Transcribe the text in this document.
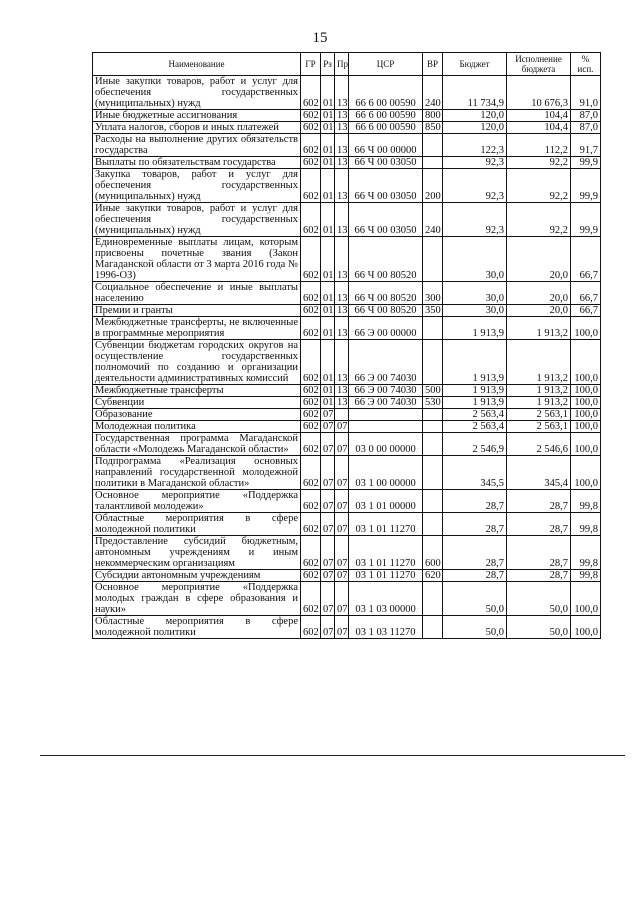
15
Наименование	ГР	Рз	Пр	ЦСР	ВР	Бюджет	Исполнение бюджета	% исп.
Иные закупки товаров, работ и услуг для обеспечения государственных (муниципальных) нужд	602	01	13	66 6 00 00590	240	11 734,9	10 676,3	91,0
Иные бюджетные ассигнования	602	01	13	66 6 00 00590	800	120,0	104,4	87,0
Уплата налогов, сборов и иных платежей	602	01	13	66 6 00 00590	850	120,0	104,4	87,0
Расходы на выполнение других обязательств государства	602	01	13	66 Ч 00 00000		122,3	112,2	91,7
Выплаты по обязательствам государства	602	01	13	66 Ч 00 03050		92,3	92,2	99,9
Закупка товаров, работ и услуг для обеспечения государственных (муниципальных) нужд	602	01	13	66 Ч 00 03050	200	92,3	92,2	99,9
Иные закупки товаров, работ и услуг для обеспечения государственных (муниципальных) нужд	602	01	13	66 Ч 00 03050	240	92,3	92,2	99,9
Единовременные выплаты лицам, которым присвоены почетные звания (Закон Магаданской области от 3 марта 2016 года № 1996-ОЗ)	602	01	13	66 Ч 00 80520		30,0	20,0	66,7
Социальное обеспечение и иные выплаты населению	602	01	13	66 Ч 00 80520	300	30,0	20,0	66,7
Премии и гранты	602	01	13	66 Ч 00 80520	350	30,0	20,0	66,7
Межбюджетные трансферты, не включенные в программные мероприятия	602	01	13	66 Э 00 00000		1 913,9	1 913,2	100,0
Субвенции бюджетам городских округов на осуществление государственных полномочий по созданию и организации деятельности административных комиссий	602	01	13	66 Э 00 74030		1 913,9	1 913,2	100,0
Межбюджетные трансферты	602	01	13	66 Э 00 74030	500	1 913,9	1 913,2	100,0
Субвенции	602	01	13	66 Э 00 74030	530	1 913,9	1 913,2	100,0
Образование	602	07				2 563,4	2 563,1	100,0
Молодежная политика	602	07	07			2 563,4	2 563,1	100,0
Государственная программа Магаданской области «Молодежь Магаданской области»	602	07	07	03 0 00 00000		2 546,9	2 546,6	100,0
Подпрограмма «Реализация основных направлений государственной молодежной политики в Магаданской области»	602	07	07	03 1 00 00000		345,5	345,4	100,0
Основное мероприятие «Поддержка талантливой молодежи»	602	07	07	03 1 01 00000		28,7	28,7	99,8
Областные мероприятия в сфере молодежной политики	602	07	07	03 1 01 11270		28,7	28,7	99,8
Предоставление субсидий бюджетным, автономным учреждениям и иным некоммерческим организациям	602	07	07	03 1 01 11270	600	28,7	28,7	99,8
Субсидии автономным учреждениям	602	07	07	03 1 01 11270	620	28,7	28,7	99,8
Основное мероприятие «Поддержка молодых граждан в сфере образования и науки»	602	07	07	03 1 03 00000		50,0	50,0	100,0
Областные мероприятия в сфере молодежной политики	602	07	07	03 1 03 11270		50,0	50,0	100,0
